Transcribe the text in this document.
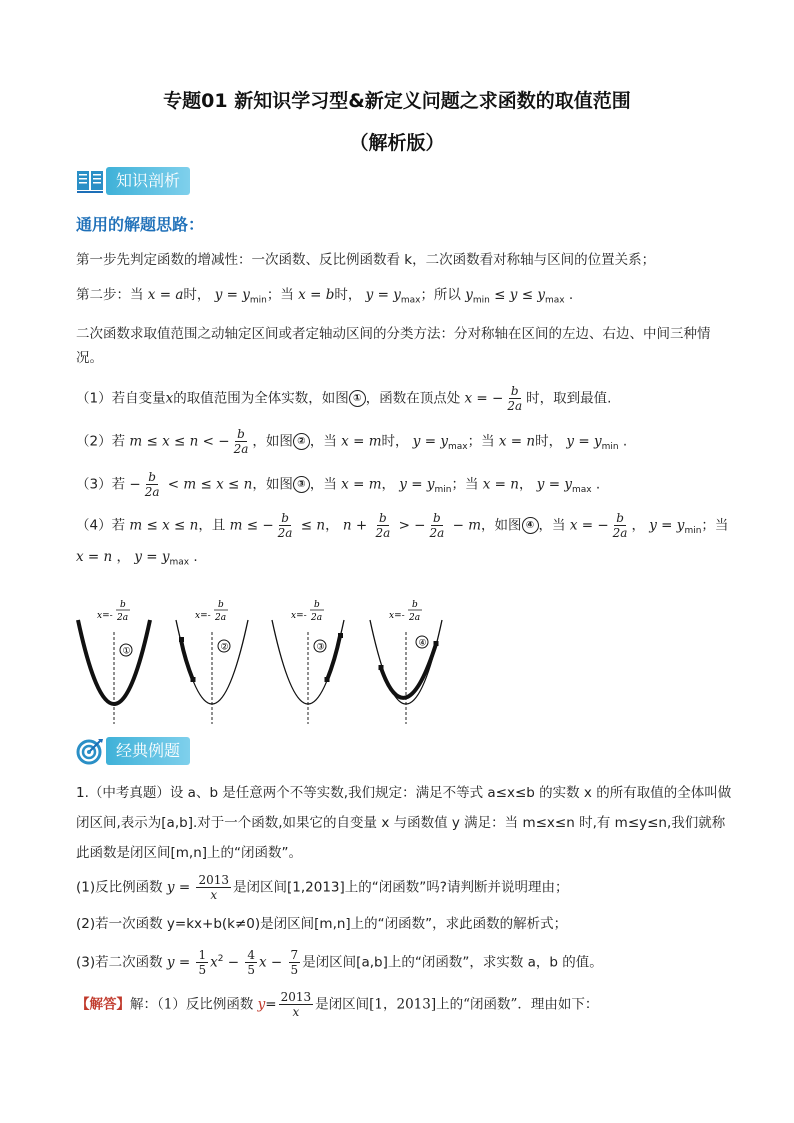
专题01 新知识学习型&新定义问题之求函数的取值范围
（解析版）
知识剖析
通用的解题思路：
第一步先判定函数的增减性：一次函数、反比例函数看 k，二次函数看对称轴与区间的位置关系；
第二步：当 x = a时， $y = y_{min}$；当 x = b时， $y = y_{max}$；所以 $y_{min} \le y \le y_{max}$ .
二次函数求取值范围之动轴定区间或者定轴动区间的分类方法：分对称轴在区间的左边、右边、中间三种情况。
（1）若自变量x的取值范围为全体实数，如图 ① ，函数在顶点处 x = − $\frac{b}{2a}$ 时，取到最值.
（2）若 m ≤ x ≤ n < − $\frac{b}{2a}$ ，如图 ② ，当 x = m时， $y = y_{max}$；当 x = n时， $y = y_{min}$ .
（3）若 − $\frac{b}{2a} < m \le x \le n$，如图 ③ ，当 x = m， $y = y_{min}$；当 x = n， $y = y_{max}$ .
（4）若 m ≤ x ≤ n，且 m ≤ − $\frac{b}{2a} \le n$， $n + \frac{b}{2a}$ > − $\frac{b}{2a} - m$，如图 ④ ，当 x = − $\frac{b}{2a}$ ， $y = y_{min}$；当
x = n ， $y = y_{max}$ .
x=-
b
2a
①
x=-
b
2a
②
x=-
b
2a
③
x=-
b
2a
④
经典例题
1.（中考真题）设 a、b 是任意两个不等实数,我们规定：满足不等式 a≤x≤b 的实数 x 的所有取值的全体叫做闭区间,表示为[a,b].对于一个函数,如果它的自变量 x 与函数值 y 满足：当 m≤x≤n 时,有 m≤y≤n,我们就称此函数是闭区间[m,n]上的“闭函数”。
(1)反比例函数 $y = \frac{2013}{x}$ 是闭区间[1,2013]上的“闭函数”吗?请判断并说明理由；
(2)若一次函数 y=kx+b(k≠0)是闭区间[m,n]上的“闭函数”，求此函数的解析式；
(3)若二次函数 $y = \frac{1}{5} x^2 - \frac{4}{5}$ $x - \frac{7}{5}$ 是闭区间[a,b]上的“闭函数”，求实数 a，b 的值。
【解答】解：（1）反比例函数 $y= \frac{2013}{x}$ 是闭区间[1，2013]上的“闭函数”．理由如下：
